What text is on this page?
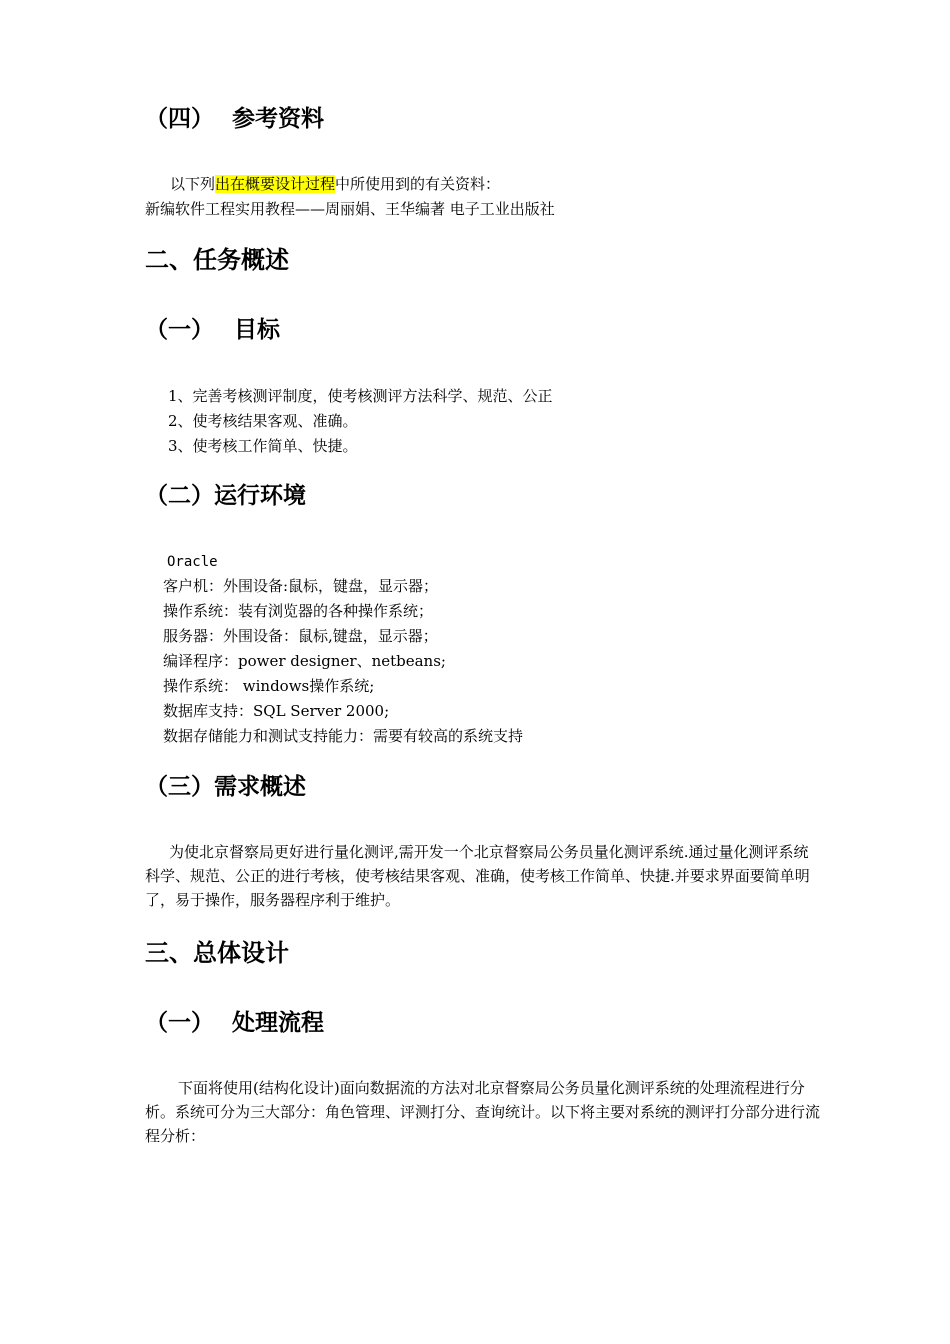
（四） 参考资料
以下列出在概要设计过程中所使用到的有关资料：
新编软件工程实用教程——周丽娟、王华编著 电子工业出版社
二、任务概述
（一） 目标
1、完善考核测评制度，使考核测评方法科学、规范、公正
2、使考核结果客观、准确。
3、使考核工作简单、快捷。
（二）运行环境
Oracle
客户机：外围设备:鼠标，键盘，显示器；
操作系统：装有浏览器的各种操作系统；
服务器：外围设备：鼠标,键盘，显示器；
编译程序：power designer、netbeans;
操作系统： windows操作系统;
数据库支持：SQL Server 2000;
数据存储能力和测试支持能力：需要有较高的系统支持
（三）需求概述
为使北京督察局更好进行量化测评,需开发一个北京督察局公务员量化测评系统.通过量化测评系统科学、规范、公正的进行考核，使考核结果客观、准确，使考核工作简单、快捷.并要求界面要简单明了，易于操作，服务器程序利于维护。
三、总体设计
（一） 处理流程
下面将使用(结构化设计)面向数据流的方法对北京督察局公务员量化测评系统的处理流程进行分析。系统可分为三大部分：角色管理、评测打分、查询统计。以下将主要对系统的测评打分部分进行流程分析：
